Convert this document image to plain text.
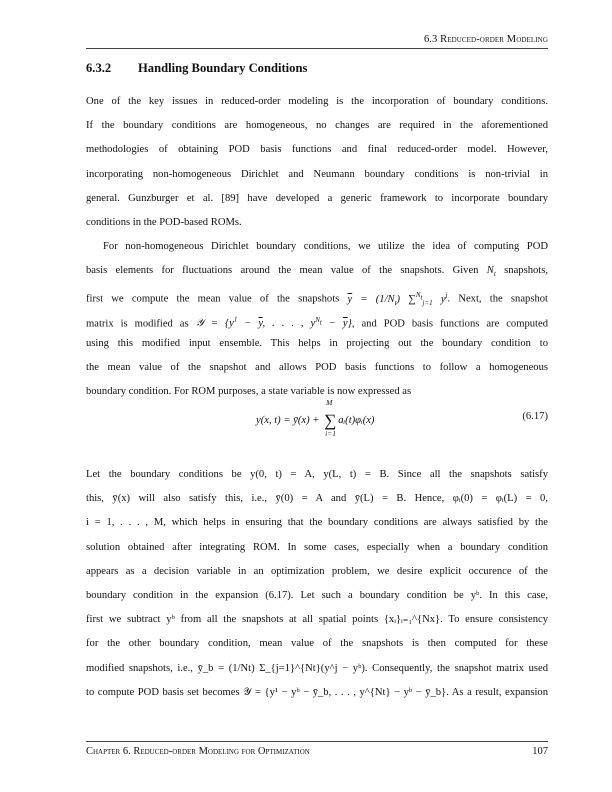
6.3 Reduced-order Modeling
6.3.2 Handling Boundary Conditions
One of the key issues in reduced-order modeling is the incorporation of boundary conditions.
If the boundary conditions are homogeneous, no changes are required in the aforementioned
methodologies of obtaining POD basis functions and final reduced-order model. However,
incorporating non-homogeneous Dirichlet and Neumann boundary conditions is non-trivial in
general. Gunzburger et al. [89] have developed a generic framework to incorporate boundary
conditions in the POD-based ROMs.
For non-homogeneous Dirichlet boundary conditions, we utilize the idea of computing POD
basis elements for fluctuations around the mean value of the snapshots. Given $N_t$ snapshots,
first we compute the mean value of the snapshots $\overline{y} = (1/N_t)$ ∑$^{N_t}_{j=1}$ $y^j$. Next, the snapshot
matrix is modified as 𝒴 = {$y^1 - \overline{y}$, . . . , $y^{N_t} - \overline{y}$}, and POD basis functions are computed
using this modified input ensemble. This helps in projecting out the boundary condition to
the mean value of the snapshot and allows POD basis functions to follow a homogeneous
boundary condition. For ROM purposes, a state variable is now expressed as
y(x, t) = ȳ(x) + ∑
M
i=1
aᵢ(t)φᵢ(x)	(6.17)
Let the boundary conditions be y(0, t) = A, y(L, t) = B. Since all the snapshots satisfy
this, ȳ(x) will also satisfy this, i.e., ȳ(0) = A and ȳ(L) = B. Hence, φᵢ(0) = φᵢ(L) = 0,
i = 1, . . . , M, which helps in ensuring that the boundary conditions are always satisfied by the
solution obtained after integrating ROM. In some cases, especially when a boundary condition
appears as a decision variable in an optimization problem, we desire explicit occurence of the
boundary condition in the expansion (6.17). Let such a boundary condition be yᵇ. In this case,
first we subtract yᵇ from all the snapshots at all spatial points {xᵢ}ᵢ₌₁^{Nx}. To ensure consistency
for the other boundary condition, mean value of the snapshots is then computed for these
modified snapshots, i.e., ȳ_b = (1/Nt) Σ_{j=1}^{Nt}(y^j − yᵇ). Consequently, the snapshot matrix used
to compute POD basis set becomes 𝒴 = {y¹ − yᵇ − ȳ_b, . . . , y^{Nt} − yᵇ − ȳ_b}. As a result, expansion
Chapter 6. Reduced-order Modeling for Optimization	107
